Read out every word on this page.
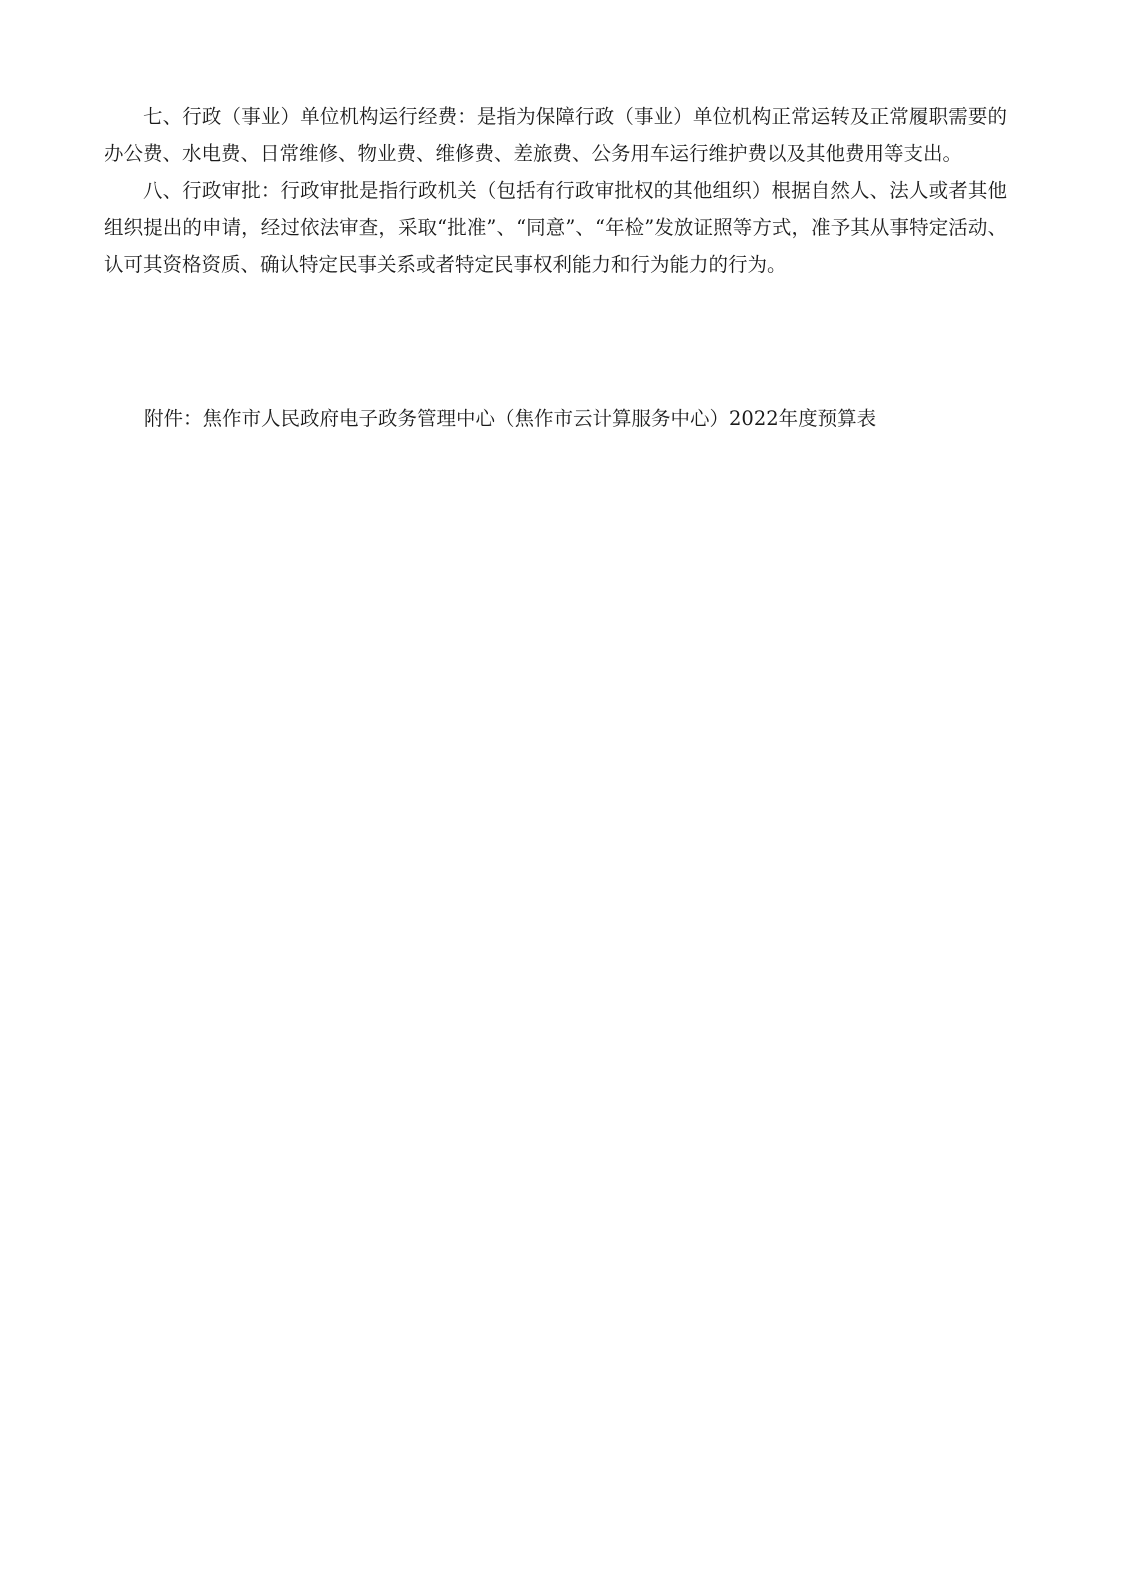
七、行政（事业）单位机构运行经费：是指为保障行政（事业）单位机构正常运转及正常履职需要的办公费、水电费、日常维修、物业费、维修费、差旅费、公务用车运行维护费以及其他费用等支出。

八、行政审批：行政审批是指行政机关（包括有行政审批权的其他组织）根据自然人、法人或者其他组织提出的申请，经过依法审查，采取“批准”、“同意”、“年检”发放证照等方式，准予其从事特定活动、认可其资格资质、确认特定民事关系或者特定民事权利能力和行为能力的行为。

附件：焦作市人民政府电子政务管理中心（焦作市云计算服务中心）2022年度预算表
